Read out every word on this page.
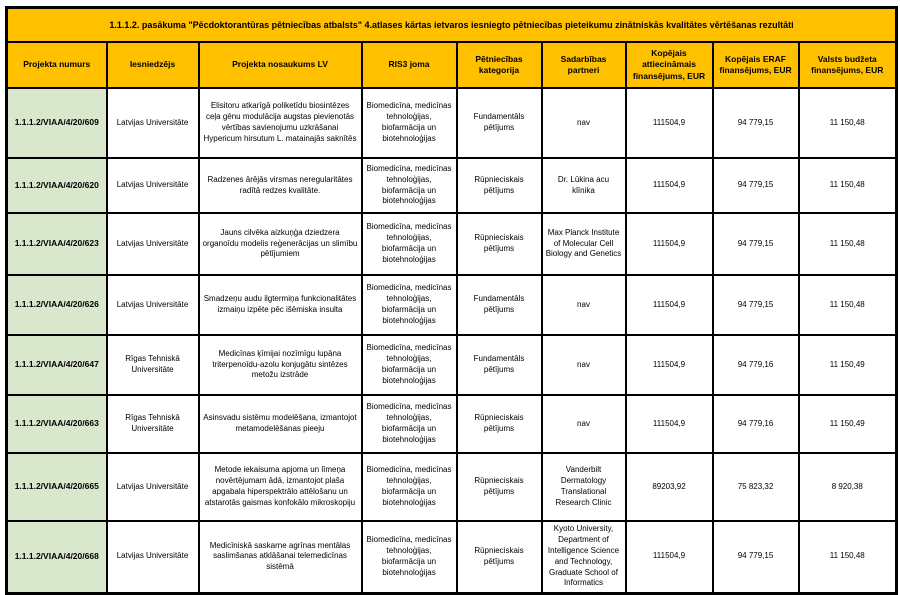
1.1.1.2. pasākuma "Pēcdoktorantūras pētniecības atbalsts" 4.atlases kārtas ietvaros iesniegto pētniecības pieteikumu zinātniskās kvalitātes vērtēšanas rezultāti								
Projekta numurs	Iesniedzējs	Projekta nosaukums LV	RIS3 joma	Pētniecības kategorija	Sadarbības partneri	Kopējais attiecināmais finansējums, EUR	Kopējais ERAF finansējums, EUR	Valsts budžeta finansējums, EUR
1.1.1.2/VIAA/4/20/609	Latvijas Universitāte	Elisitoru atkarīgā poliketīdu biosintēzes ceļa gēnu modulācija augstas pievienotās vērtības savienojumu uzkrāšanai Hypericum hirsutum L. matainajās saknītēs	Biomedicīna, medicīnas tehnoloģijas, biofarmācija un biotehnoloģijas	Fundamentāls pētījums	nav	111504,9	94 779,15	11 150,48
1.1.1.2/VIAA/4/20/620	Latvijas Universitāte	Radzenes ārējās virsmas neregularitātes radītā redzes kvalitāte.	Biomedicīna, medicīnas tehnoloģijas, biofarmācija un biotehnoloģijas	Rūpnieciskais pētījums	Dr. Lūkina acu klīnika	111504,9	94 779,15	11 150,48
1.1.1.2/VIAA/4/20/623	Latvijas Universitāte	Jauns cilvēka aizkuņģa dziedzera organoīdu modelis reģenerācijas un slimību pētījumiem	Biomedicīna, medicīnas tehnoloģijas, biofarmācija un biotehnoloģijas	Rūpnieciskais pētījums	Max Planck Institute of Molecular Cell Biology and Genetics	111504,9	94 779,15	11 150,48
1.1.1.2/VIAA/4/20/626	Latvijas Universitāte	Smadzeņu audu ilgtermiņa funkcionalitātes izmaiņu izpēte pēc išēmiska insulta	Biomedicīna, medicīnas tehnoloģijas, biofarmācija un biotehnoloģijas	Fundamentāls pētījums	nav	111504,9	94 779,15	11 150,48
1.1.1.2/VIAA/4/20/647	Rīgas Tehniskā Universitāte	Medicīnas ķīmijai nozīmīgu lupāna triterpenoīdu-azolu konjugātu sintēzes metožu izstrāde	Biomedicīna, medicīnas tehnoloģijas, biofarmācija un biotehnoloģijas	Fundamentāls pētījums	nav	111504,9	94 779,16	11 150,49
1.1.1.2/VIAA/4/20/663	Rīgas Tehniskā Universitāte	Asinsvadu sistēmu modelēšana, izmantojot metamodelēšanas pieeju	Biomedicīna, medicīnas tehnoloģijas, biofarmācija un biotehnoloģijas	Rūpnieciskais pētījums	nav	111504,9	94 779,16	11 150,49
1.1.1.2/VIAA/4/20/665	Latvijas Universitāte	Metode iekaisuma apjoma un līmeņa novērtējumam ādā, izmantojot plaša apgabala hiperspektrālo attēlošanu un atstarotās gaismas konfokālo mikroskopiju	Biomedicīna, medicīnas tehnoloģijas, biofarmācija un biotehnoloģijas	Rūpnieciskais pētījums	Vanderbilt Dermatology Translational Research Clinic	89203,92	75 823,32	8 920,38
1.1.1.2/VIAA/4/20/668	Latvijas Universitāte	Medicīniskā saskarne agrīnas mentālas saslimšanas atklāšanai telemedicīnas sistēmā	Biomedicīna, medicīnas tehnoloģijas, biofarmācija un biotehnoloģijas	Rūpnieciskais pētījums	Kyoto University, Department of Intelligence Science and Technology, Graduate School of Informatics	111504,9	94 779,15	11 150,48
